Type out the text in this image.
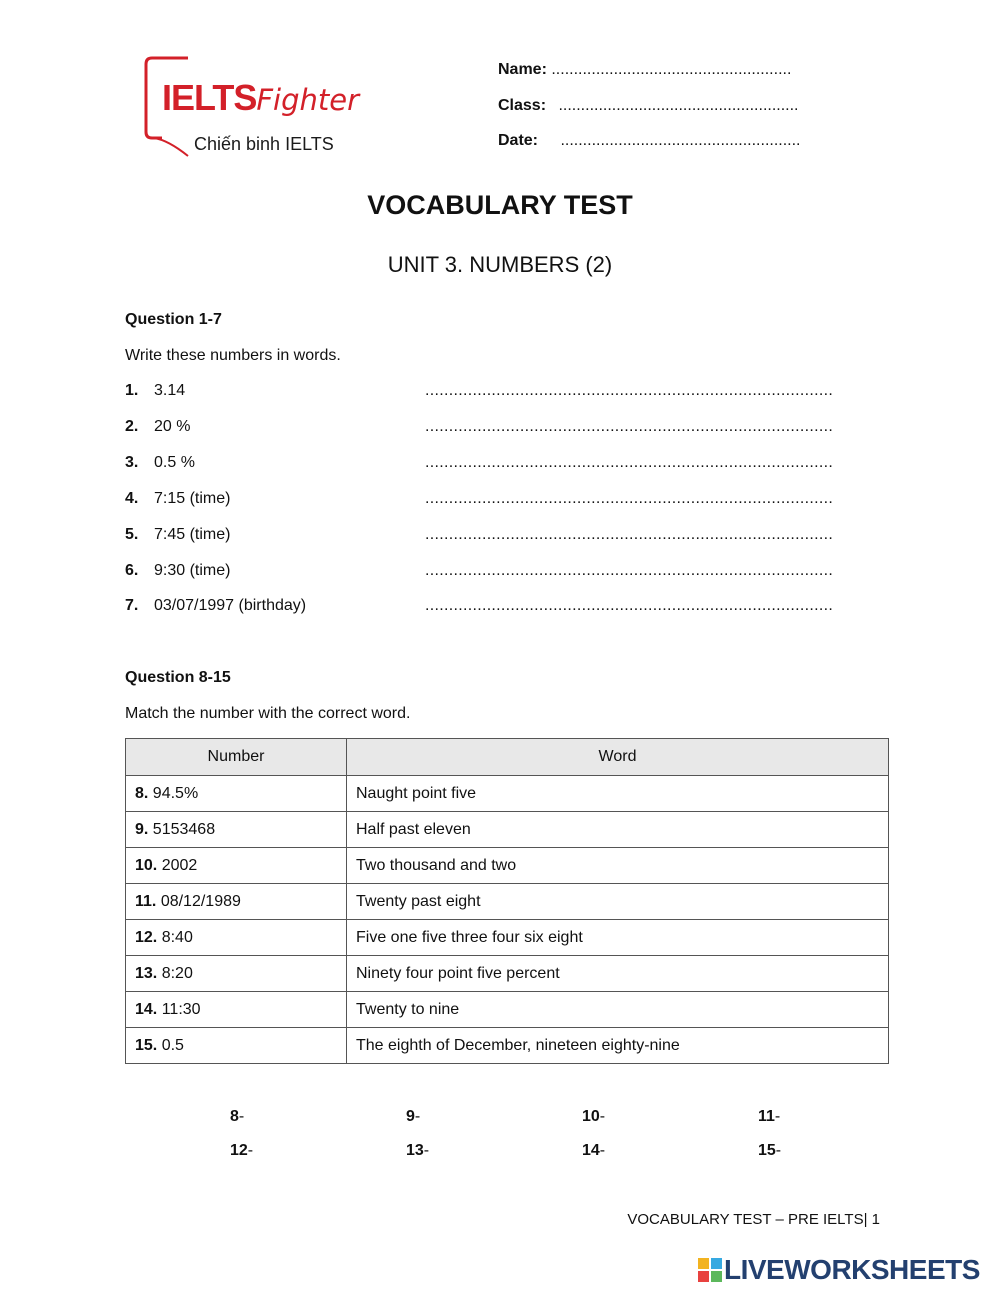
IELTSFighter
Chiến binh IELTS
Name: ......................................................
Class: ......................................................
Date: ......................................................
VOCABULARY TEST
UNIT 3. NUMBERS (2)
Question 1-7
Write these numbers in words.
1. 3.14	......................................................................................
2. 20 %	......................................................................................
3. 0.5 %	......................................................................................
4. 7:15 (time)	......................................................................................
5. 7:45 (time)	......................................................................................
6. 9:30 (time)	......................................................................................
7. 03/07/1997 (birthday)	......................................................................................
Question 8-15
Match the number with the correct word.
Number	Word
8. 94.5%	Naught point five
9. 5153468	Half past eleven
10. 2002	Two thousand and two
11. 08/12/1989	Twenty past eight
12. 8:40	Five one five three four six eight
13. 8:20	Ninety four point five percent
14. 11:30	Twenty to nine
15. 0.5	The eighth of December, nineteen eighty-nine
8-	9-	10-	11-
12-	13-	14-	15-
VOCABULARY TEST – PRE IELTS| 1
LIVEWORKSHEETS
